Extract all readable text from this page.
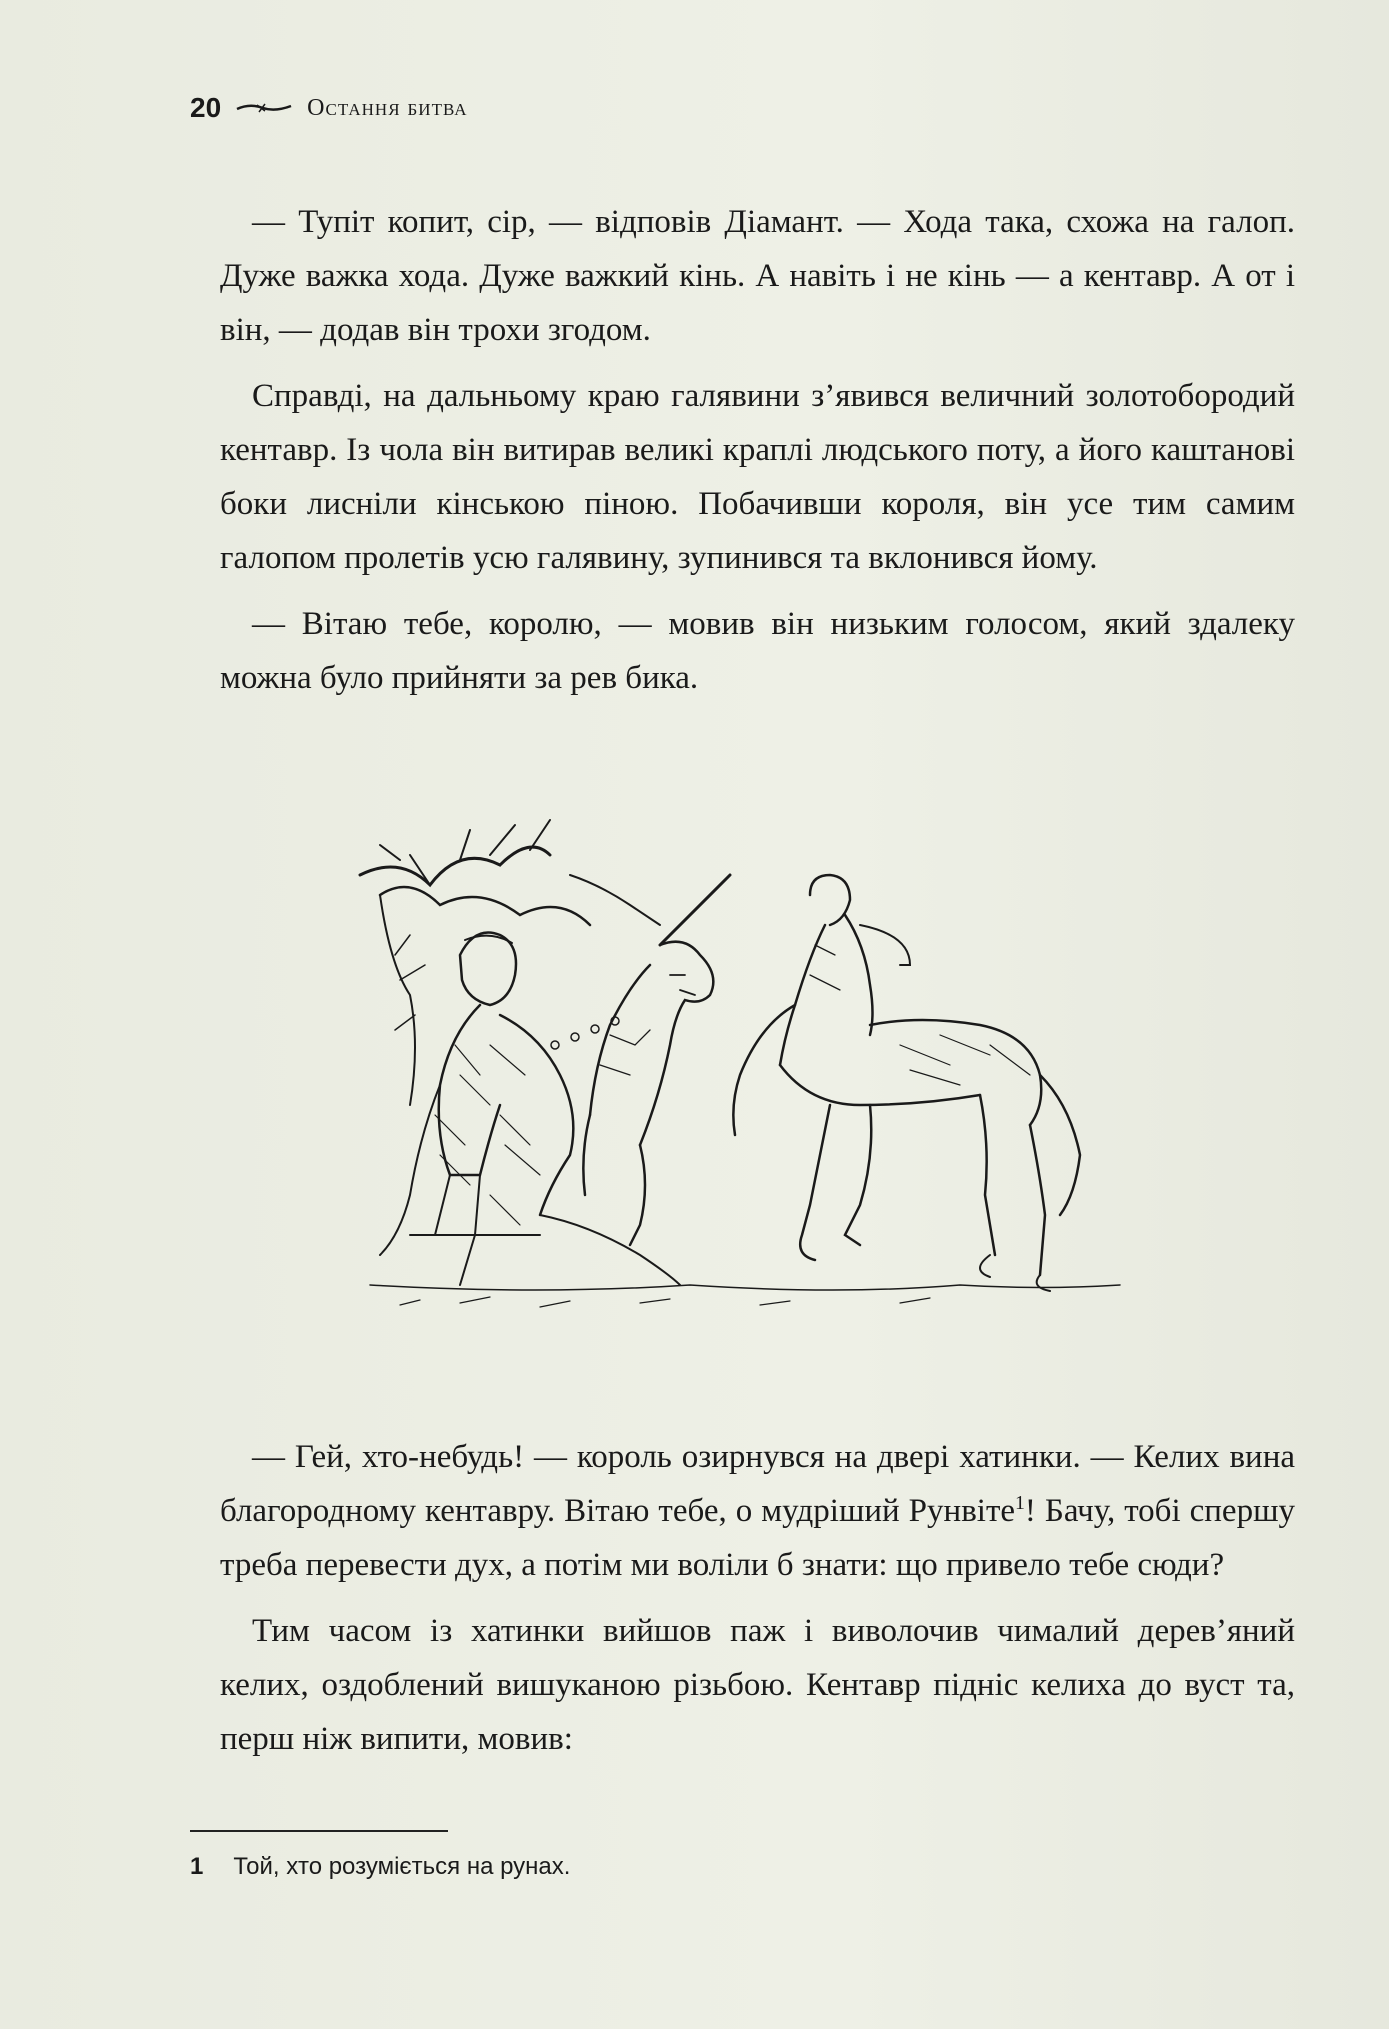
20	Остання битва

— Тупіт копит, сір, — відповів Діамант. — Хода така, схожа на галоп. Дуже важка хода. Дуже важкий кінь. А навіть і не кінь — а кентавр. А от і він, — додав він трохи згодом.

Справді, на дальньому краю галявини з’явився величний золотобородий кентавр. Із чола він витирав великі краплі людського поту, а його каштанові боки лисніли кінською піною. Побачивши короля, він усе тим самим галопом пролетів усю галявину, зупинився та вклонився йому.

— Вітаю тебе, королю, — мовив він низьким голосом, який здалеку можна було прийняти за рев бика.

— Гей, хто-небудь! — король озирнувся на двері хатинки. — Келих вина благородному кентавру. Вітаю тебе, о мудріший Рунвіте$^1$! Бачу, тобі спершу треба перевести дух, а потім ми воліли б знати: що привело тебе сюди?

Тим часом із хатинки вийшов паж і виволочив чималий дерев’яний келих, оздоблений вишуканою різьбою. Кентавр підніс келиха до вуст та, перш ніж випити, мовив:

1 Той, хто розуміється на рунах.
